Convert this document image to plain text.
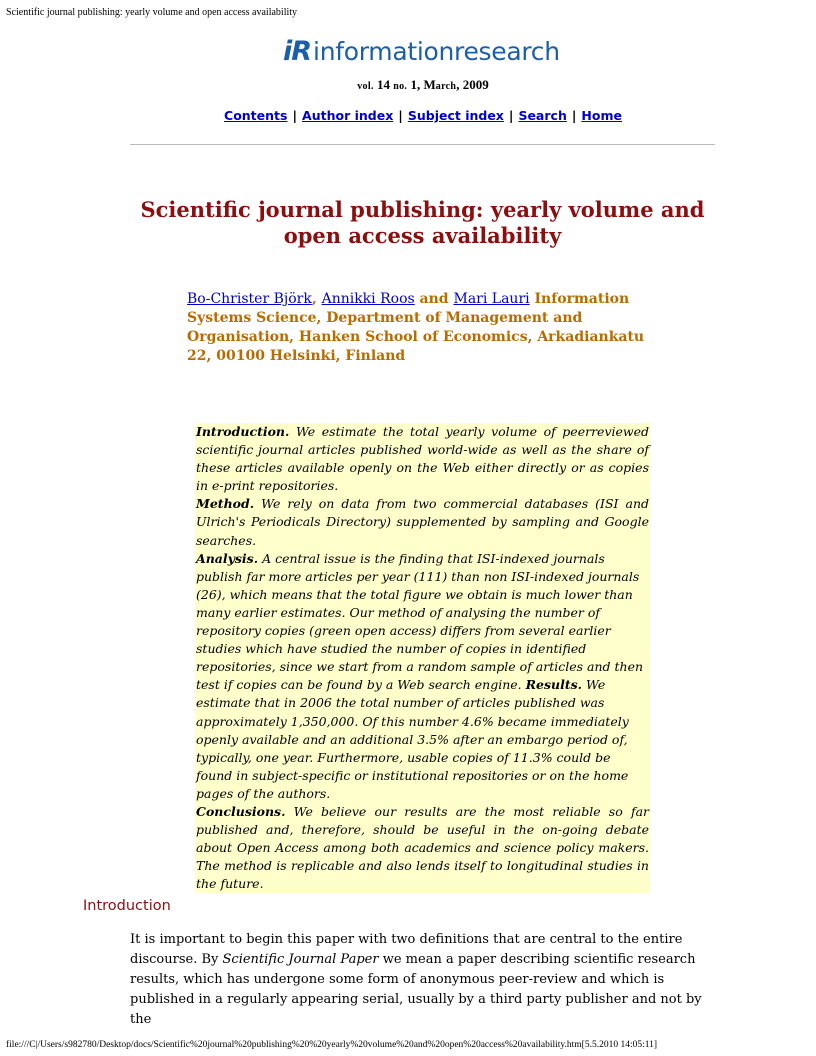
Scientific journal publishing: yearly volume and open access availability
iR informationresearch
vol. 14 no. 1, March, 2009
Contents | Author index | Subject index | Search | Home
Scientific journal publishing: yearly volume and open access availability
Bo-Christer Björk, Annikki Roos and Mari Lauri Information Systems Science, Department of Management and Organisation, Hanken School of Economics, Arkadiankatu 22, 00100 Helsinki, Finland

Introduction. We estimate the total yearly volume of peerreviewed scientific journal articles published world-wide as well as the share of these articles available openly on the Web either directly or as copies in e-print repositories.

Method. We rely on data from two commercial databases (ISI and Ulrich's Periodicals Directory) supplemented by sampling and Google searches.

Analysis. A central issue is the finding that ISI-indexed journals publish far more articles per year (111) than non ISI-indexed journals (26), which means that the total figure we obtain is much lower than many earlier estimates. Our method of analysing the number of repository copies (green open access) differs from several earlier studies which have studied the number of copies in identified repositories, since we start from a random sample of articles and then test if copies can be found by a Web search engine. Results. We estimate that in 2006 the total number of articles published was approximately 1,350,000. Of this number 4.6% became immediately openly available and an additional 3.5% after an embargo period of, typically, one year. Furthermore, usable copies of 11.3% could be found in subject-specific or institutional repositories or on the home pages of the authors.

Conclusions. We believe our results are the most reliable so far published and, therefore, should be useful in the on-going debate about Open Access among both academics and science policy makers. The method is replicable and also lends itself to longitudinal studies in the future.

Introduction
It is important to begin this paper with two definitions that are central to the entire discourse. By Scientific Journal Paper we mean a paper describing scientific research results, which has undergone some form of anonymous peer-review and which is published in a regularly appearing serial, usually by a third party publisher and not by the
file:///C|/Users/s982780/Desktop/docs/Scientific%20journal%20publishing%20%20yearly%20volume%20and%20open%20access%20availability.htm[5.5.2010 14:05:11]
